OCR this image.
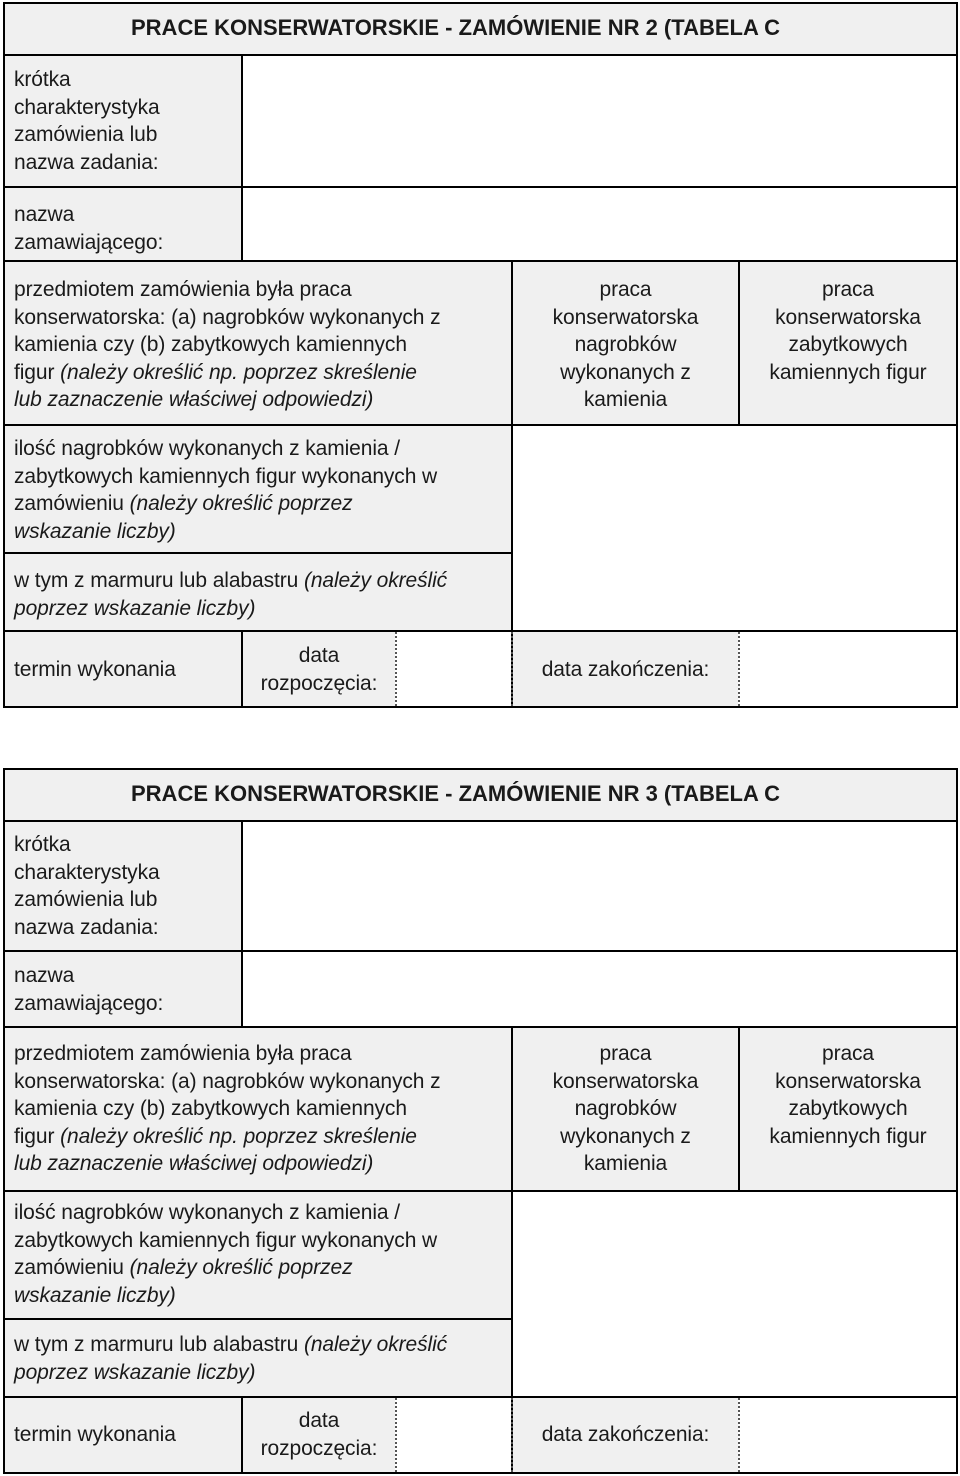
PRACE KONSERWATORSKIE - ZAMÓWIENIE NR 2 (TABELA C
krótka
charakterystyka
zamówienia lub
nazwa zadania:
nazwa
zamawiającego:
przedmiotem zamówienia była praca
konserwatorska: (a) nagrobków wykonanych z
kamienia czy (b) zabytkowych kamiennych
figur (należy określić np. poprzez skreślenie
lub zaznaczenie właściwej odpowiedzi)
praca
konserwatorska
nagrobków
wykonanych z
kamienia
praca
konserwatorska
zabytkowych
kamiennych figur
ilość nagrobków wykonanych z kamienia /
zabytkowych kamiennych figur wykonanych w
zamówieniu (należy określić poprzez
wskazanie liczby)
w tym z marmuru lub alabastru (należy określić
poprzez wskazanie liczby)
termin wykonania
data
rozpoczęcia:
data zakończenia:
PRACE KONSERWATORSKIE - ZAMÓWIENIE NR 3 (TABELA C
krótka
charakterystyka
zamówienia lub
nazwa zadania:
nazwa
zamawiającego:
przedmiotem zamówienia była praca
konserwatorska: (a) nagrobków wykonanych z
kamienia czy (b) zabytkowych kamiennych
figur (należy określić np. poprzez skreślenie
lub zaznaczenie właściwej odpowiedzi)
praca
konserwatorska
nagrobków
wykonanych z
kamienia
praca
konserwatorska
zabytkowych
kamiennych figur
ilość nagrobków wykonanych z kamienia /
zabytkowych kamiennych figur wykonanych w
zamówieniu (należy określić poprzez
wskazanie liczby)
w tym z marmuru lub alabastru (należy określić
poprzez wskazanie liczby)
termin wykonania
data
rozpoczęcia:
data zakończenia:
